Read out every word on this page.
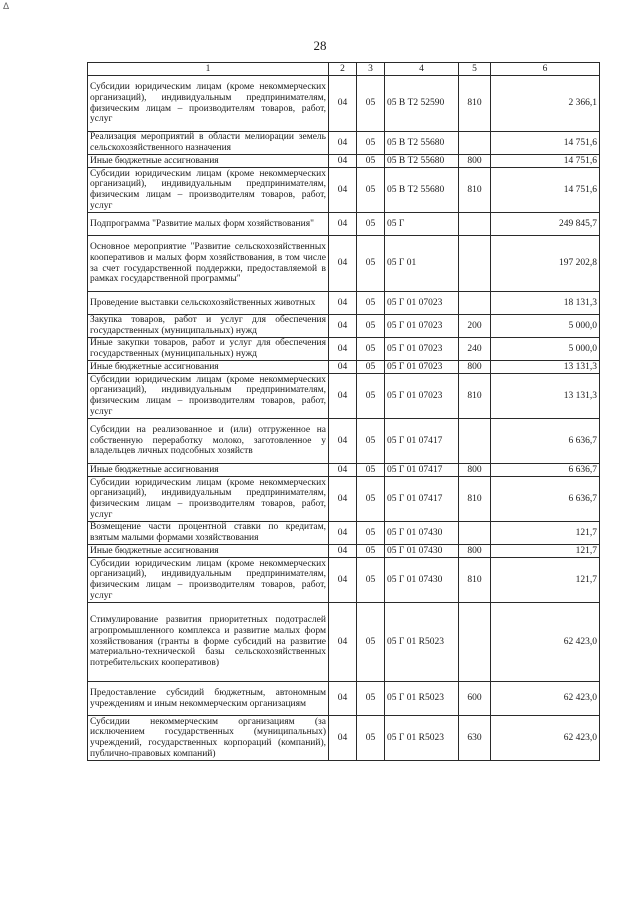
Δ
28
1	2	3	4	5	6
Субсидии юридическим лицам (кроме некоммерческих организаций), индивидуальным предпринимателям, физическим лицам – производителям товаров, работ, услуг	04	05	05 В Т2 52590	810	2 366,1
Реализация мероприятий в области мелиорации земель сельскохозяйственного назначения	04	05	05 В Т2 55680		14 751,6
Иные бюджетные ассигнования	04	05	05 В Т2 55680	800	14 751,6
Субсидии юридическим лицам (кроме некоммерческих организаций), индивидуальным предпринимателям, физическим лицам – производителям товаров, работ, услуг	04	05	05 В Т2 55680	810	14 751,6
Подпрограмма "Развитие малых форм хозяйствования"	04	05	05 Г		249 845,7
Основное мероприятие "Развитие сельскохозяйственных кооперативов и малых форм хозяйствования, в том числе за счет государственной поддержки, предоставляемой в рамках государственной программы"	04	05	05 Г 01		197 202,8
Проведение выставки сельскохозяйственных животных	04	05	05 Г 01 07023		18 131,3
Закупка товаров, работ и услуг для обеспечения государственных (муниципальных) нужд	04	05	05 Г 01 07023	200	5 000,0
Иные закупки товаров, работ и услуг для обеспечения государственных (муниципальных) нужд	04	05	05 Г 01 07023	240	5 000,0
Иные бюджетные ассигнования	04	05	05 Г 01 07023	800	13 131,3
Субсидии юридическим лицам (кроме некоммерческих организаций), индивидуальным предпринимателям, физическим лицам – производителям товаров, работ, услуг	04	05	05 Г 01 07023	810	13 131,3
Субсидии на реализованное и (или) отгруженное на собственную переработку молоко, заготовленное у владельцев личных подсобных хозяйств	04	05	05 Г 01 07417		6 636,7
Иные бюджетные ассигнования	04	05	05 Г 01 07417	800	6 636,7
Субсидии юридическим лицам (кроме некоммерческих организаций), индивидуальным предпринимателям, физическим лицам – производителям товаров, работ, услуг	04	05	05 Г 01 07417	810	6 636,7
Возмещение части процентной ставки по кредитам, взятым малыми формами хозяйствования	04	05	05 Г 01 07430		121,7
Иные бюджетные ассигнования	04	05	05 Г 01 07430	800	121,7
Субсидии юридическим лицам (кроме некоммерческих организаций), индивидуальным предпринимателям, физическим лицам – производителям товаров, работ, услуг	04	05	05 Г 01 07430	810	121,7
Стимулирование развития приоритетных подотраслей агропромышленного комплекса и развитие малых форм хозяйствования (гранты в форме субсидий на развитие материально-технической базы сельскохозяйственных потребительских кооперативов)	04	05	05 Г 01 R5023		62 423,0
Предоставление субсидий бюджетным, автономным учреждениям и иным некоммерческим организациям	04	05	05 Г 01 R5023	600	62 423,0
Субсидии некоммерческим организациям (за исключением государственных (муниципальных) учреждений, государственных корпораций (компаний), публично-правовых компаний)	04	05	05 Г 01 R5023	630	62 423,0
